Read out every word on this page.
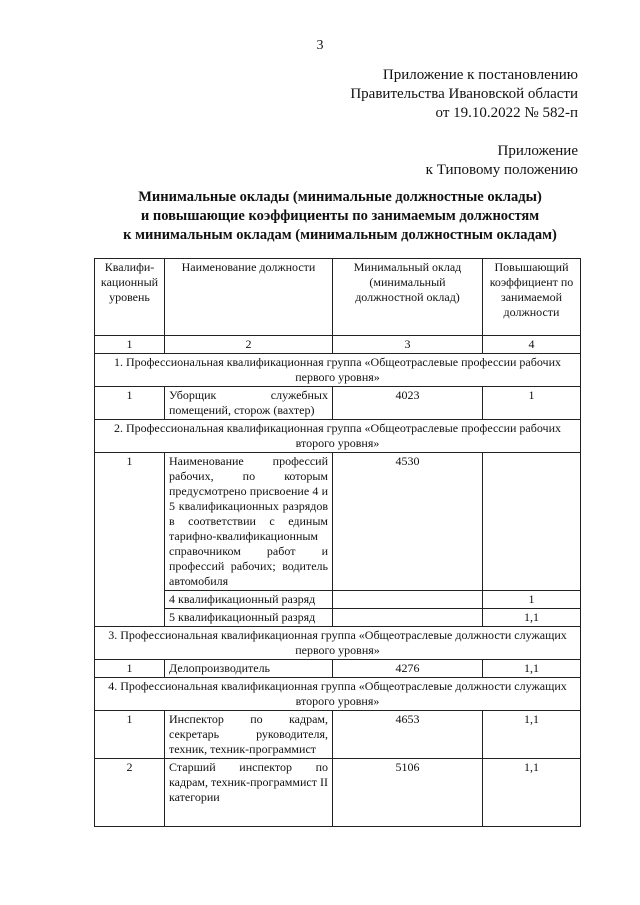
3
Приложение к постановлению
Правительства Ивановской области
от 19.10.2022 № 582-п
Приложение
к Типовому положению
Минимальные оклады (минимальные должностные оклады)
и повышающие коэффициенты по занимаемым должностям
к минимальным окладам (минимальным должностным окладам)
Квалифи-кационный уровень	Наименование должности	Минимальный оклад (минимальный должностной оклад)	Повышающий коэффициент по занимаемой должности
1	2	3	4
1. Профессиональная квалификационная группа «Общеотраслевые профессии рабочих первого уровня»			
1	Уборщик служебных помещений, сторож (вахтер)	4023	1
2. Профессиональная квалификационная группа «Общеотраслевые профессии рабочих второго уровня»			
1	Наименование профессий рабочих, по которым предусмотрено присвоение 4 и 5 квалификационных разрядов в соответствии с единым тарифно-квалификационным справочником работ и профессий рабочих; водитель автомобиля	4530	
	4 квалификационный разряд		1
	5 квалификационный разряд		1,1
3. Профессиональная квалификационная группа «Общеотраслевые должности служащих первого уровня»			
1	Делопроизводитель	4276	1,1
4. Профессиональная квалификационная группа «Общеотраслевые должности служащих второго уровня»			
1	Инспектор по кадрам, секретарь руководителя, техник, техник-программист	4653	1,1
2	Старший инспектор по кадрам, техник-программист II категории	5106	1,1
